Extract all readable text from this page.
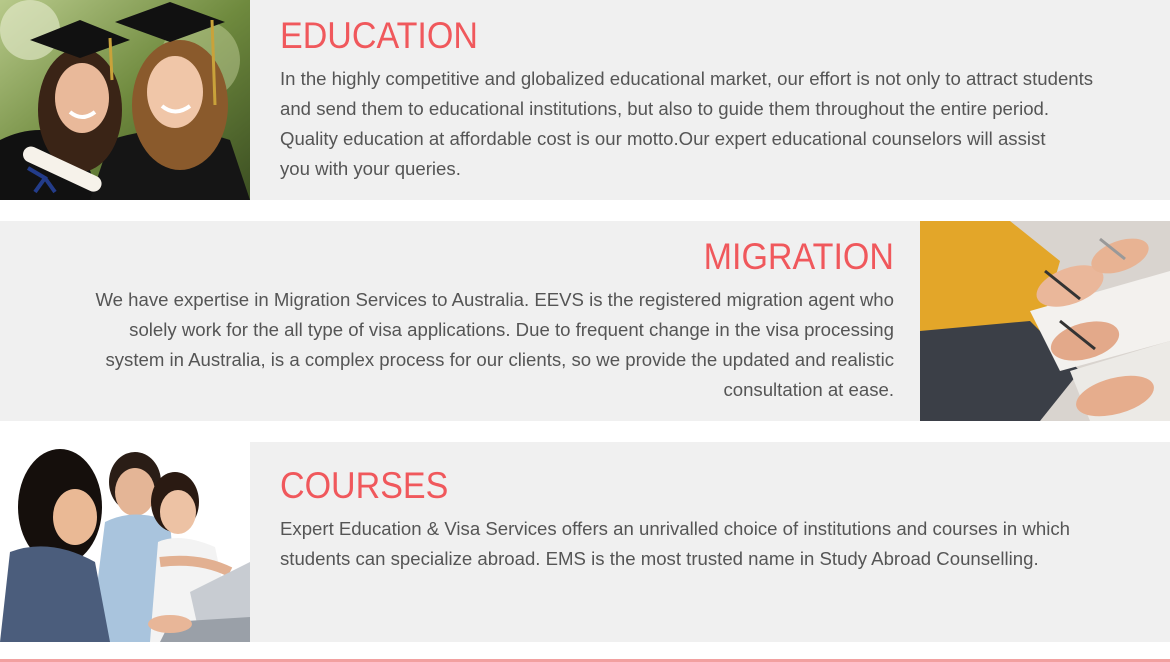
EDUCATION

In the highly competitive and globalized educational market, our effort is not only to attract students
and send them to educational institutions, but also to guide them throughout the entire period.
Quality education at affordable cost is our motto.Our expert educational counselors will assist
you with your queries.

MIGRATION

We have expertise in Migration Services to Australia. EEVS is the registered migration agent who
solely work for the all type of visa applications. Due to frequent change in the visa processing
system in Australia, is a complex process for our clients, so we provide the updated and realistic
consultation at ease.

COURSES

Expert Education & Visa Services offers an unrivalled choice of institutions and courses in which
students can specialize abroad. EMS is the most trusted name in Study Abroad Counselling.
